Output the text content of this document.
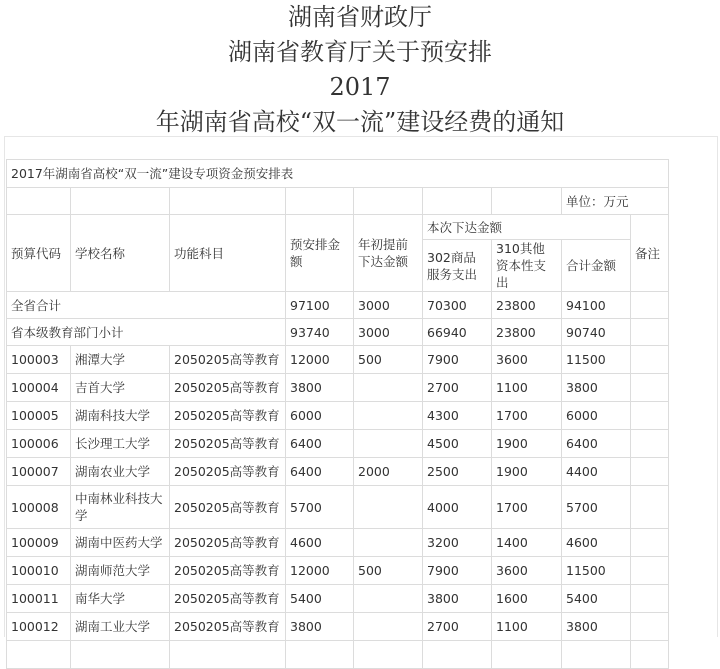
湖南省财政厅
湖南省教育厅关于预安排
2017
年湖南省高校“双一流”建设经费的通知
2017年湖南省高校“双一流”建设专项资金预安排表								
							单位：万元	
预算代码	学校名称	功能科目	预安排金额	年初提前下达金额	本次下达金额			备注
					302商品服务支出	310其他资本性支出	合计金额	
全省合计			97100	3000	70300	23800	94100	
省本级教育部门小计			93740	3000	66940	23800	90740	
100003	湘潭大学	2050205高等教育	12000	500	7900	3600	11500	
100004	吉首大学	2050205高等教育	3800		2700	1100	3800	
100005	湖南科技大学	2050205高等教育	6000		4300	1700	6000	
100006	长沙理工大学	2050205高等教育	6400		4500	1900	6400	
100007	湖南农业大学	2050205高等教育	6400	2000	2500	1900	4400	
100008	中南林业科技大学	2050205高等教育	5700		4000	1700	5700	
100009	湖南中医药大学	2050205高等教育	4600		3200	1400	4600	
100010	湖南师范大学	2050205高等教育	12000	500	7900	3600	11500	
100011	南华大学	2050205高等教育	5400		3800	1600	5400	
100012	湖南工业大学	2050205高等教育	3800		2700	1100	3800	
